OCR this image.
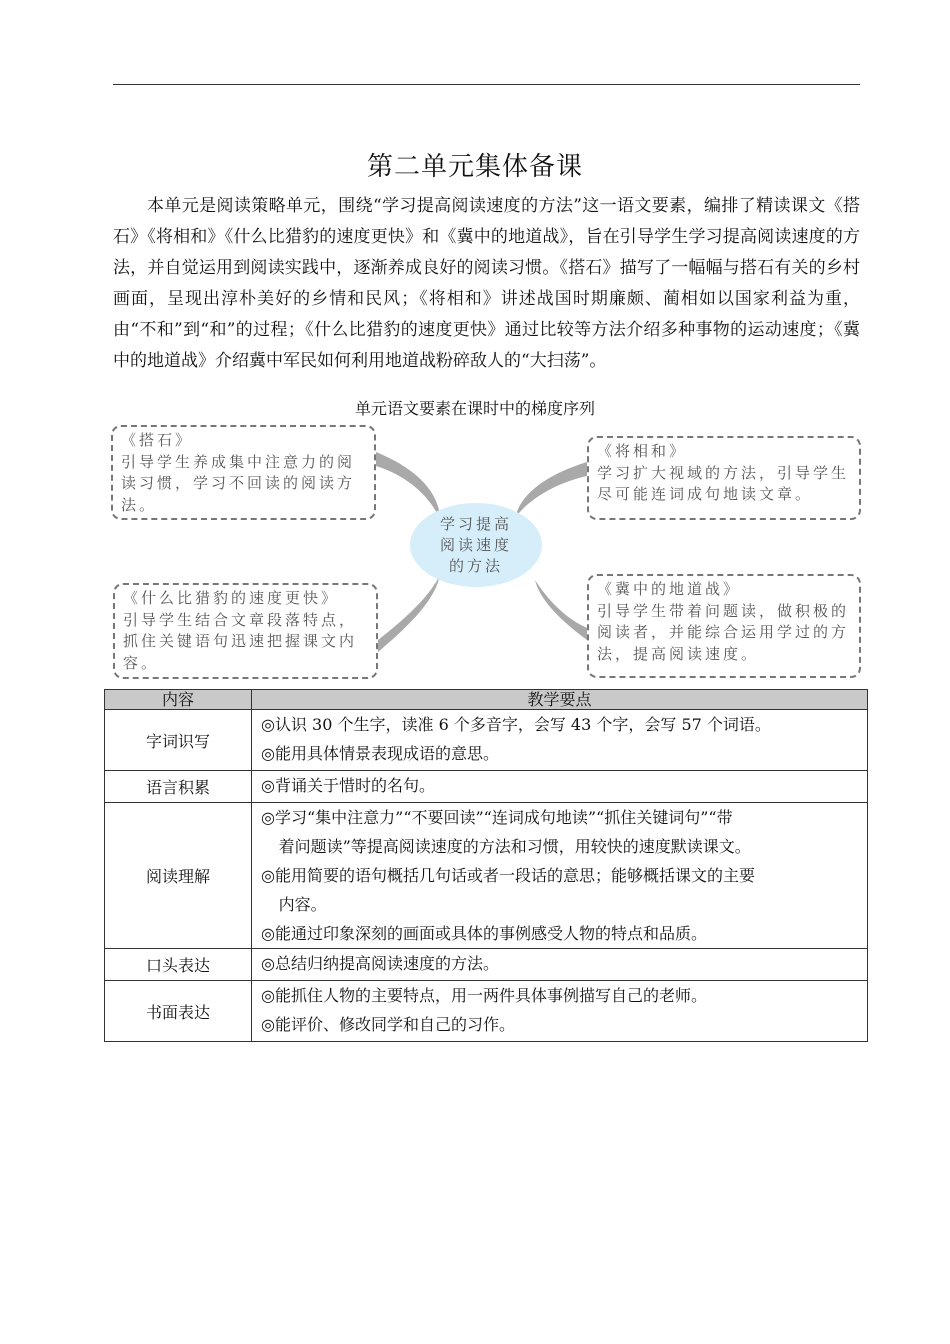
第二单元集体备课

本单元是阅读策略单元，围绕“学习提高阅读速度的方法”这一语文要素，编排了精读课文《搭石》《将相和》《什么比猎豹的速度更快》和《冀中的地道战》，旨在引导学生学习提高阅读速度的方法，并自觉运用到阅读实践中，逐渐养成良好的阅读习惯。《搭石》描写了一幅幅与搭石有关的乡村画面，呈现出淳朴美好的乡情和民风；《将相和》讲述战国时期廉颇、蔺相如以国家利益为重，由“不和”到“和”的过程；《什么比猎豹的速度更快》通过比较等方法介绍多种事物的运动速度；《冀中的地道战》介绍冀中军民如何利用地道战粉碎敌人的“大扫荡”。

单元语文要素在课时中的梯度序列
《搭石》
引导学生养成集中注意力的阅读习惯，学习不回读的阅读方法。
《将相和》
学习扩大视域的方法，引导学生尽可能连词成句地读文章。
《什么比猎豹的速度更快》
引导学生结合文章段落特点，抓住关键语句迅速把握课文内容。
《冀中的地道战》
引导学生带着问题读，做积极的阅读者，并能综合运用学过的方法，提高阅读速度。
学习提高阅读速度的方法
内容	教学要点
字词识写	◎认识 30 个生字，读准 6 个多音字，会写 43 个字，会写 57 个词语。
◎能用具体情景表现成语的意思。

语言积累	◎背诵关于惜时的名句。

阅读理解	◎学习“集中注意力”“不要回读”“连词成句地读”“抓住关键词句”“带
着问题读”等提高阅读速度的方法和习惯，用较快的速度默读课文。
◎能用简要的语句概括几句话或者一段话的意思；能够概括课文的主要
内容。
◎能通过印象深刻的画面或具体的事例感受人物的特点和品质。

口头表达	◎总结归纳提高阅读速度的方法。

书面表达	◎能抓住人物的主要特点，用一两件具体事例描写自己的老师。
◎能评价、修改同学和自己的习作。
